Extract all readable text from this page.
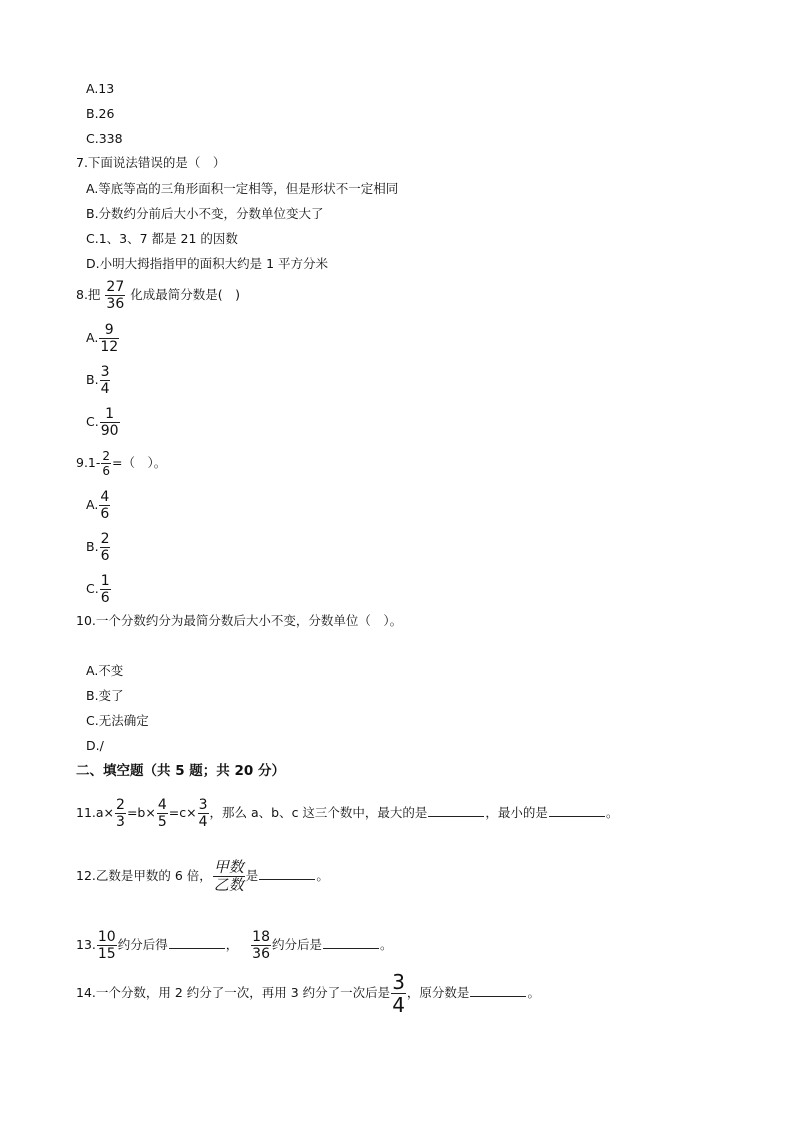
A.13
B.26
C.338
7.下面说法错误的是（　）
A.等底等高的三角形面积一定相等，但是形状不一定相同
B.分数约分前后大小不变，分数单位变大了
C.1、3、7 都是 21 的因数
D.小明大拇指指甲的面积大约是 1 平方分米
8.把 $\frac{27}{36}$ 化成最简分数是(　)
A. $\frac{9}{12}$
B. $\frac{3}{4}$
C. $\frac{1}{90}$
$9.1- \frac{2}{6}$ =（　）。
A. $\frac{4}{6}$
B. $\frac{2}{6}$
C. $\frac{1}{6}$
10.一个分数约分为最简分数后大小不变，分数单位（　）。
A.不变
B.变了
C.无法确定
D./
二、填空题（共 5 题；共 20 分）
$11.a\times \frac{2}{3} =b\times \frac{4}{5} =c\times \frac{3}{4}$ ，那么 a、b、c 这三个数中，最大的是	，最小的是	。
12.乙数是甲数的 6 倍， $\frac{\text{甲数}}{\text{乙数}}$ 是	。
13. $\frac{10}{15}$ 约分后得	， $\frac{18}{36}$ 约分后是	。
14.一个分数，用 2 约分了一次，再用 3 约分了一次后是 $\frac{3}{4}$ ，原分数是	。
